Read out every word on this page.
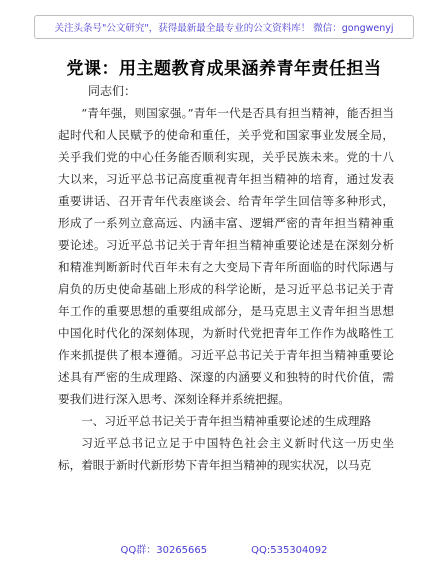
关注头条号"公文研究"，获得最新最全最专业的公文资料库！ 微信：gongwenyj
党课：用主题教育成果涵养青年责任担当
同志们：

“青年强，则国家强。”青年一代是否具有担当精神，能否担当起时代和人民赋予的使命和重任，关乎党和国家事业发展全局，关乎我们党的中心任务能否顺利实现，关乎民族未来。党的十八大以来，习近平总书记高度重视青年担当精神的培育，通过发表重要讲话、召开青年代表座谈会、给青年学生回信等多种形式，形成了一系列立意高远、内涵丰富、逻辑严密的青年担当精神重要论述。习近平总书记关于青年担当精神重要论述是在深刻分析和精准判断新时代百年未有之大变局下青年所面临的时代际遇与肩负的历史使命基础上形成的科学论断，是习近平总书记关于青年工作的重要思想的重要组成部分，是马克思主义青年担当思想中国化时代化的深刻体现，为新时代党把青年工作作为战略性工作来抓提供了根本遵循。习近平总书记关于青年担当精神重要论述具有严密的生成理路、深邃的内涵要义和独特的时代价值，需要我们进行深入思考、深刻诠释并系统把握。

一、习近平总书记关于青年担当精神重要论述的生成理路

习近平总书记立足于中国特色社会主义新时代这一历史坐标，着眼于新时代新形势下青年担当精神的现实状况，以马克

QQ群：30265665	QQ:535304092
